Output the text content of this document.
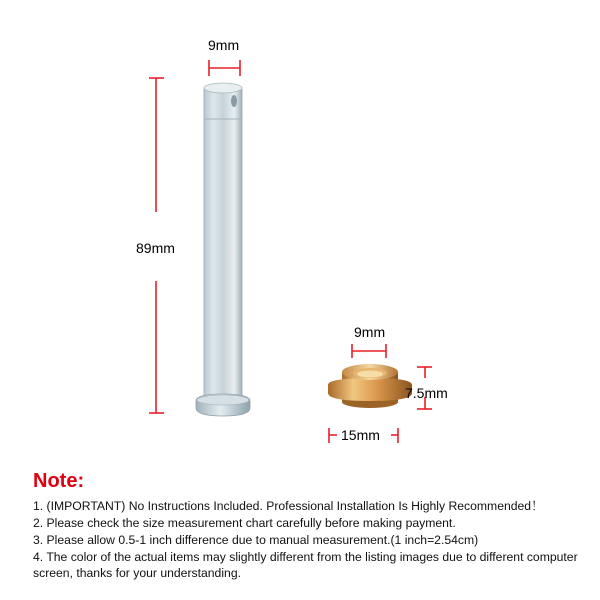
9mm
89mm
9mm
7.5mm
15mm
Note:
1. (IMPORTANT) No Instructions Included. Professional Installation Is Highly Recommended！
2. Please check the size measurement chart carefully before making payment.
3. Please allow 0.5-1 inch difference due to manual measurement.(1 inch=2.54cm)
4. The color of the actual items may slightly different from the listing images due to different computer screen, thanks for your understanding.
